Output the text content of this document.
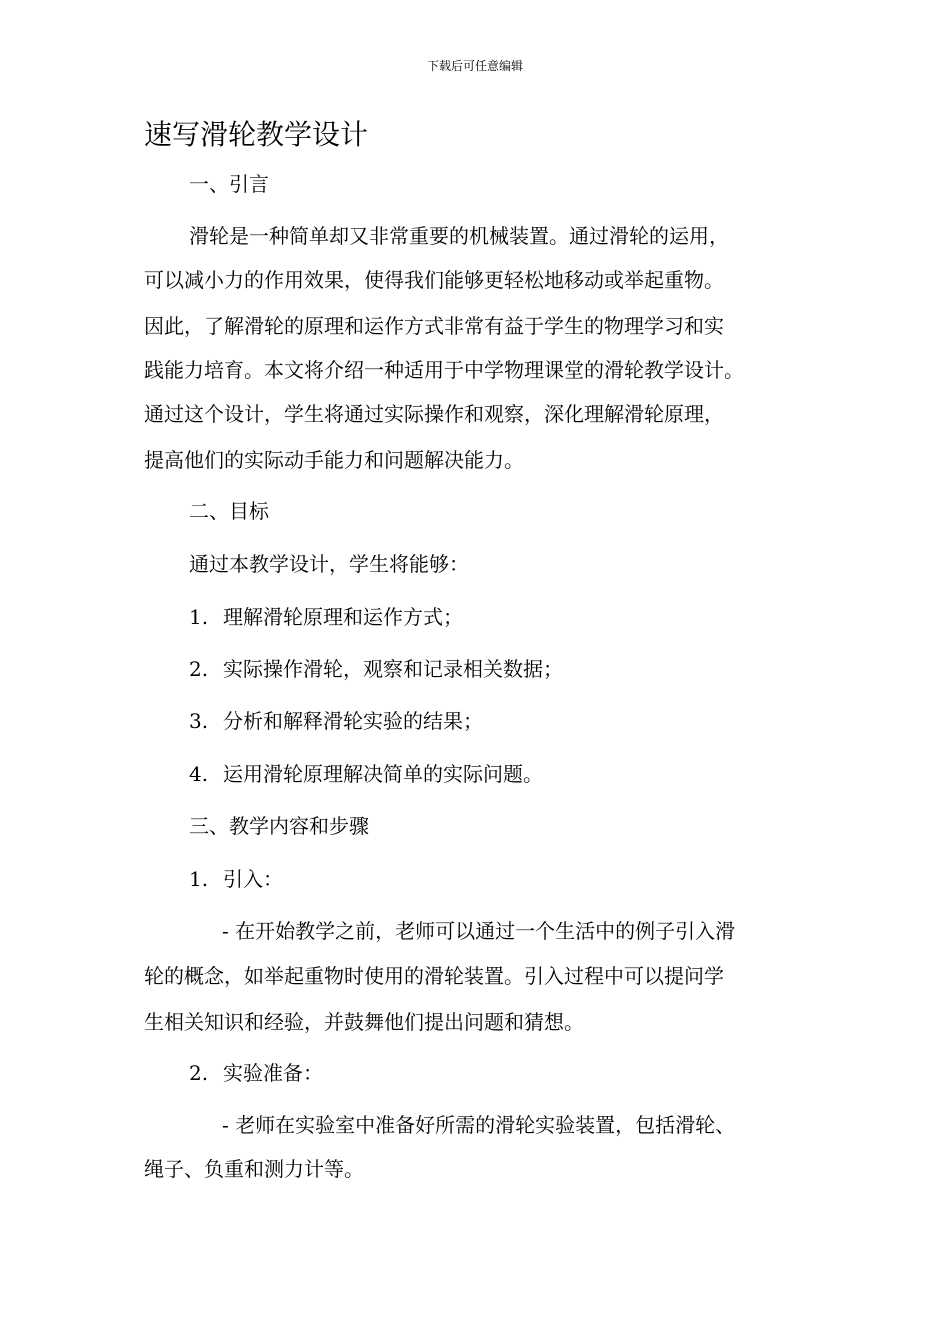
下载后可任意编辑
速写滑轮教学设计

一、引言

滑轮是一种简单却又非常重要的机械装置。通过滑轮的运用，

可以减小力的作用效果，使得我们能够更轻松地移动或举起重物。

因此，了解滑轮的原理和运作方式非常有益于学生的物理学习和实

践能力培育。本文将介绍一种适用于中学物理课堂的滑轮教学设计。

通过这个设计，学生将通过实际操作和观察，深化理解滑轮原理，

提高他们的实际动手能力和问题解决能力。

二、目标

通过本教学设计，学生将能够：

1. 理解滑轮原理和运作方式；

2. 实际操作滑轮，观察和记录相关数据；

3. 分析和解释滑轮实验的结果；

4. 运用滑轮原理解决简单的实际问题。

三、教学内容和步骤

1. 引入：

- 在开始教学之前，老师可以通过一个生活中的例子引入滑

轮的概念，如举起重物时使用的滑轮装置。引入过程中可以提问学

生相关知识和经验，并鼓舞他们提出问题和猜想。

2. 实验准备：

- 老师在实验室中准备好所需的滑轮实验装置，包括滑轮、

绳子、负重和测力计等。
